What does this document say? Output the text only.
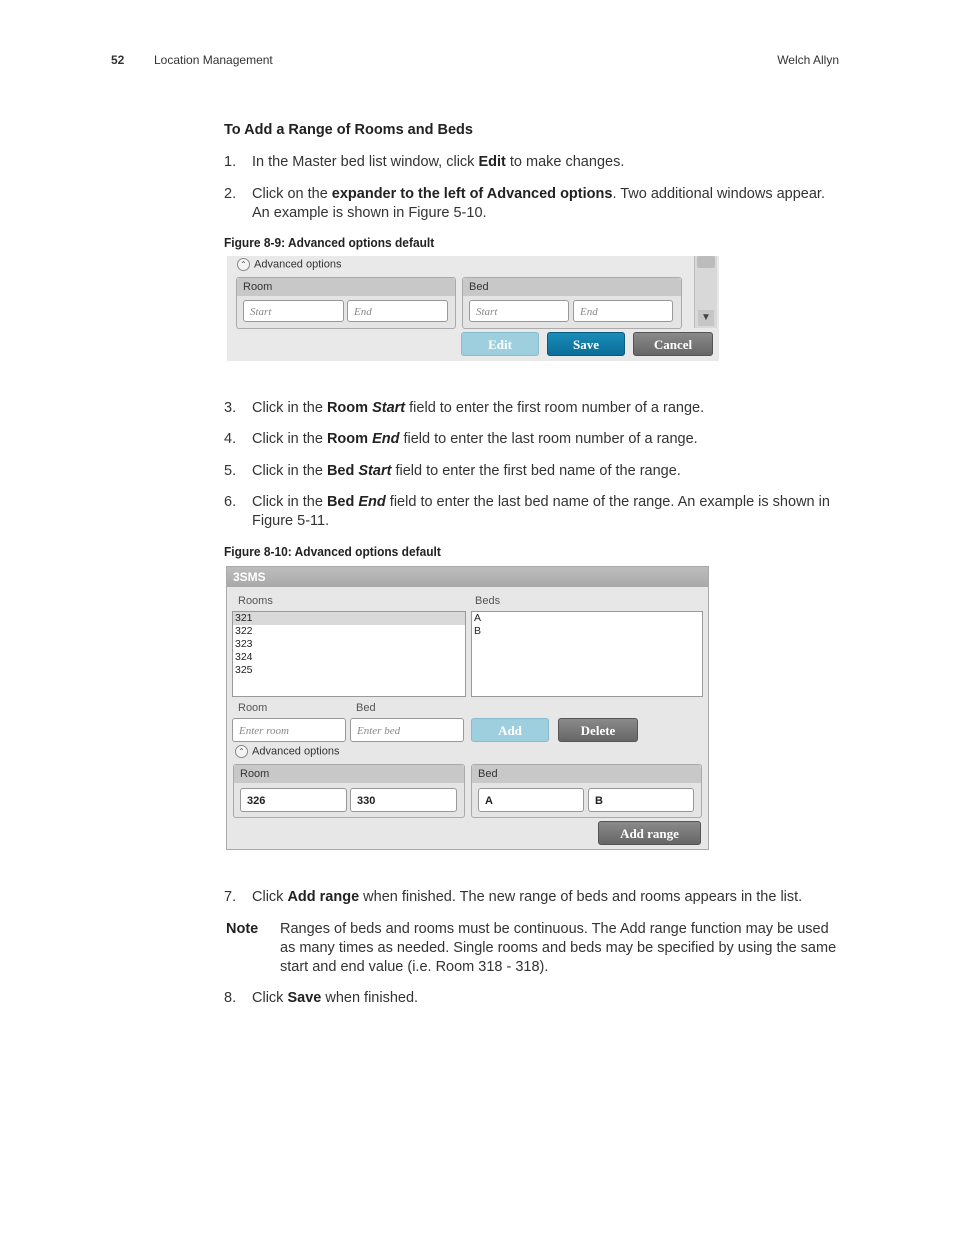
52 Location Management	Welch Allyn
To Add a Range of Rooms and Beds
1. In the Master bed list window, click Edit to make changes.
2. Click on the expander to the left of Advanced options. Two additional windows appear. An example is shown in Figure 5-10.
Figure 8-9: Advanced options default
⌃ Advanced options
Room
Start	End
Bed
Start	End	▼
Edit	Save	Cancel
3. Click in the Room Start field to enter the first room number of a range.
4. Click in the Room End field to enter the last room number of a range.
5. Click in the Bed Start field to enter the first bed name of the range.
6. Click in the Bed End field to enter the last bed name of the range. An example is shown in Figure 5-11.
Figure 8-10: Advanced options default
3SMS
Rooms	Beds
321
322
323
324
325
A
B
Room	Bed
Enter room	Enter bed	Add	Delete
⌃ Advanced options
Room
326	330
Bed
A	B
Add range
7. Click Add range when finished. The new range of beds and rooms appears in the list.
Note Ranges of beds and rooms must be continuous. The Add range function may be used as many times as needed. Single rooms and beds may be specified by using the same start and end value (i.e. Room 318 - 318).
8. Click Save when finished.
